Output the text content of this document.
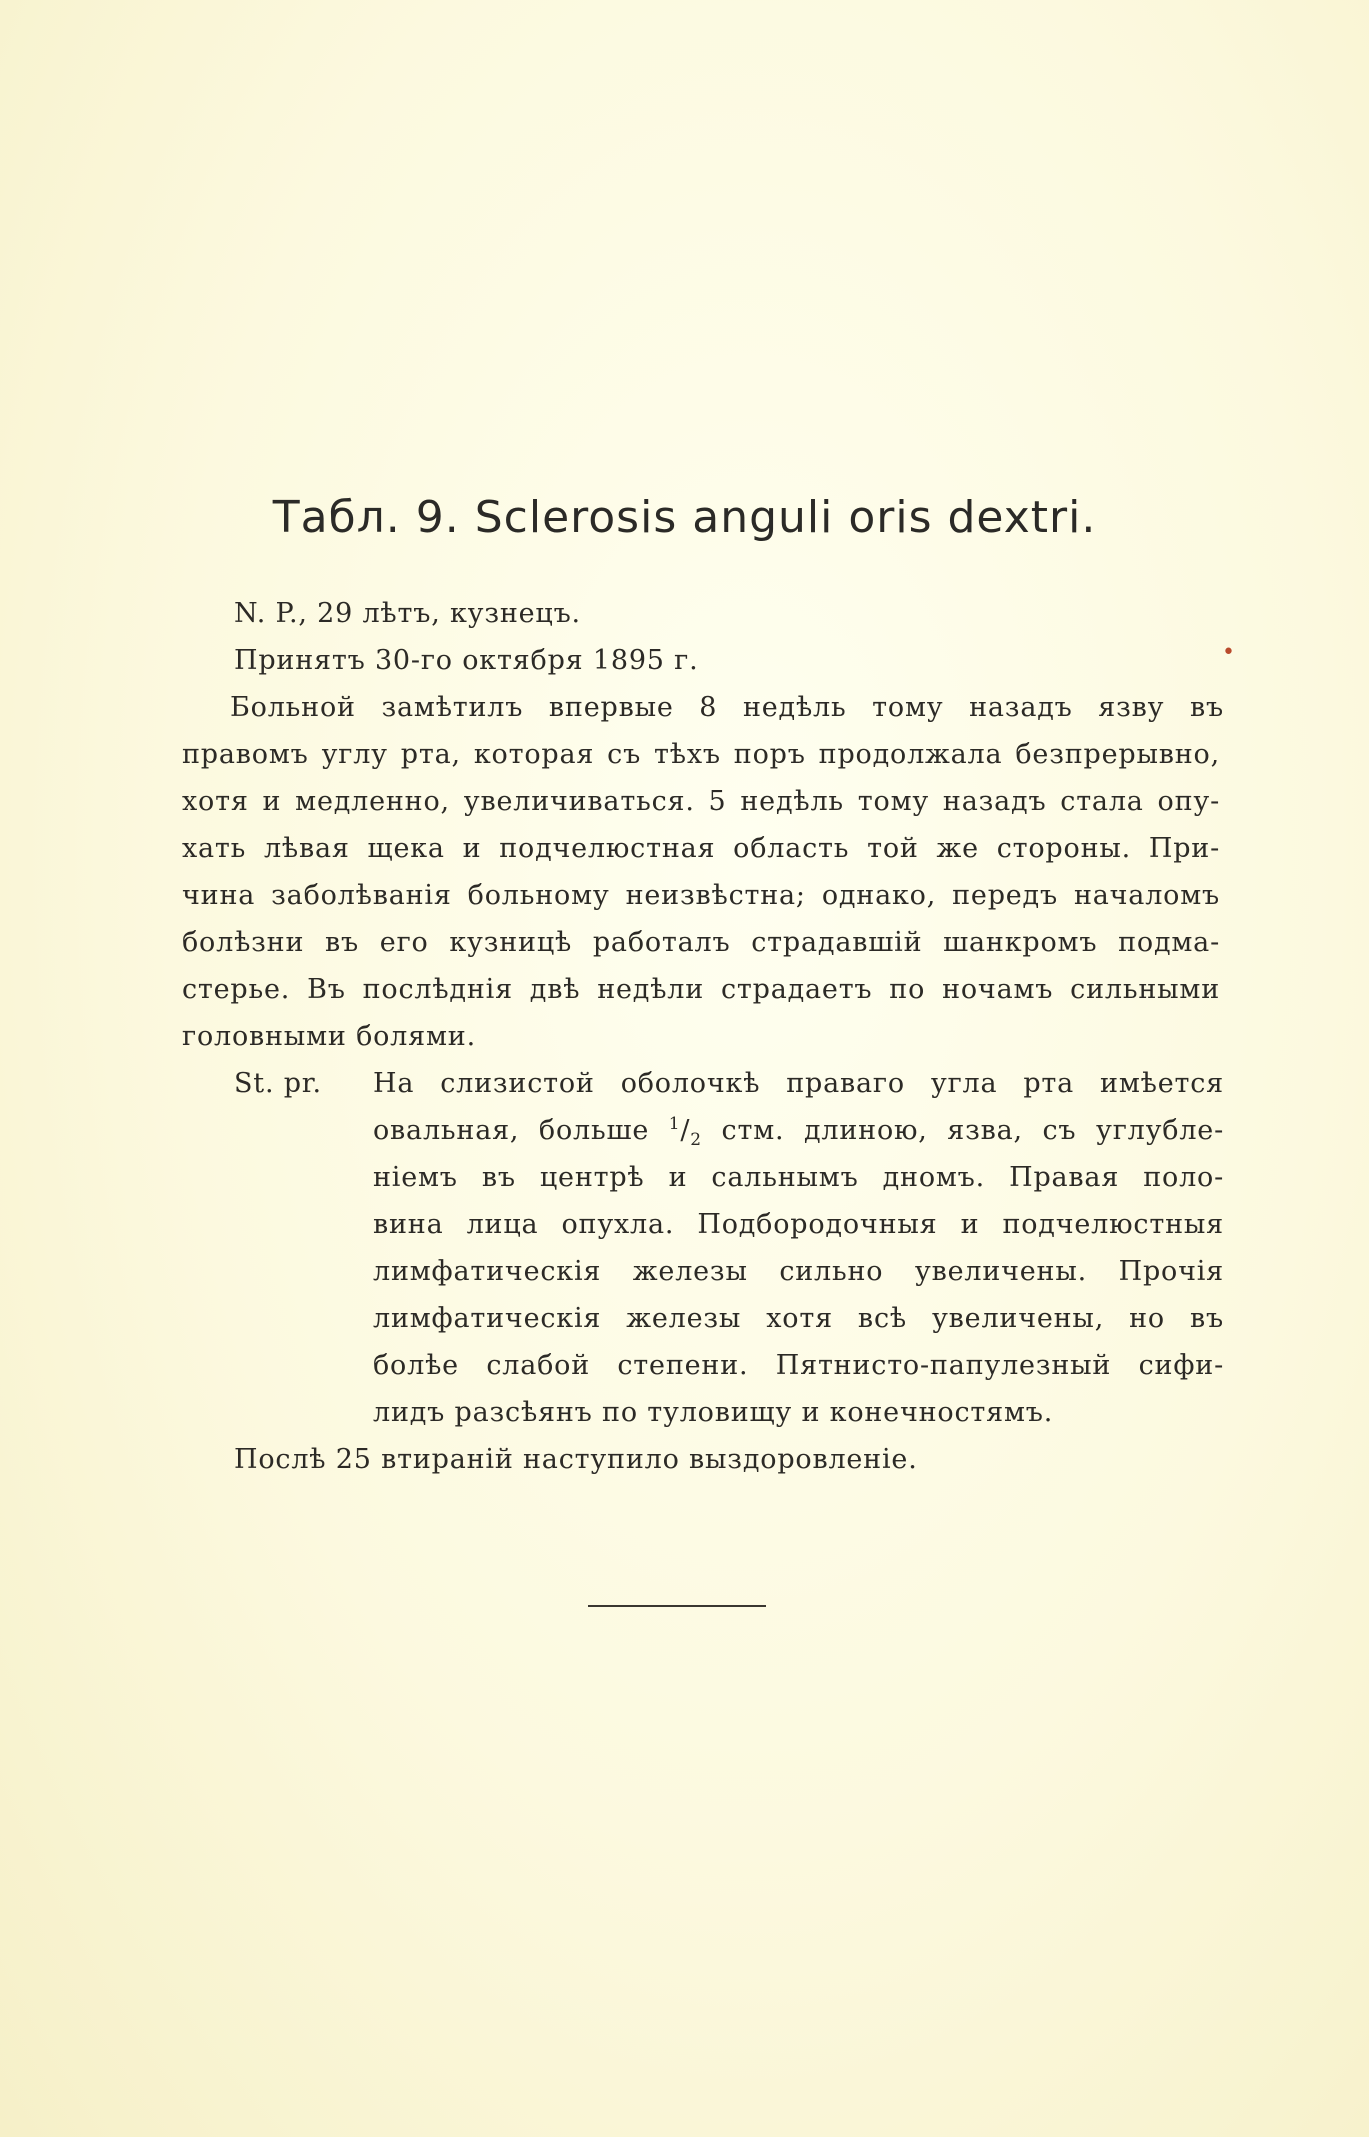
Табл. 9. Sclerosis anguli oris dextri.
N. P., 29 лѣтъ, кузнецъ.
Принятъ 30-го октября 1895 г.
Больной замѣтилъ впервые 8 недѣль тому назадъ язву въ
правомъ углу рта, которая съ тѣхъ поръ продолжала безпрерывно,
хотя и медленно, увеличиваться. 5 недѣль тому назадъ стала опу-
хать лѣвая щека и подчелюстная область той же стороны. При-
чина заболѣванія больному неизвѣстна; однако, передъ началомъ
болѣзни въ его кузницѣ работалъ страдавшій шанкромъ подма-
стерье. Въ послѣднія двѣ недѣли страдаетъ по ночамъ сильными
головными болями.
St. pr.	На слизистой оболочкѣ праваго угла рта имѣется
овальная, больше $^1/_2$ стм. длиною, язва, съ углубле-
ніемъ въ центрѣ и сальнымъ дномъ. Правая поло-
вина лица опухла. Подбородочныя и подчелюстныя
лимфатическія железы сильно увеличены. Прочія
лимфатическія железы хотя всѣ увеличены, но въ
болѣе слабой степени. Пятнисто-папулезный сифи-
лидъ разсѣянъ по туловищу и конечностямъ.
Послѣ 25 втираній наступило выздоровленіе.
•
